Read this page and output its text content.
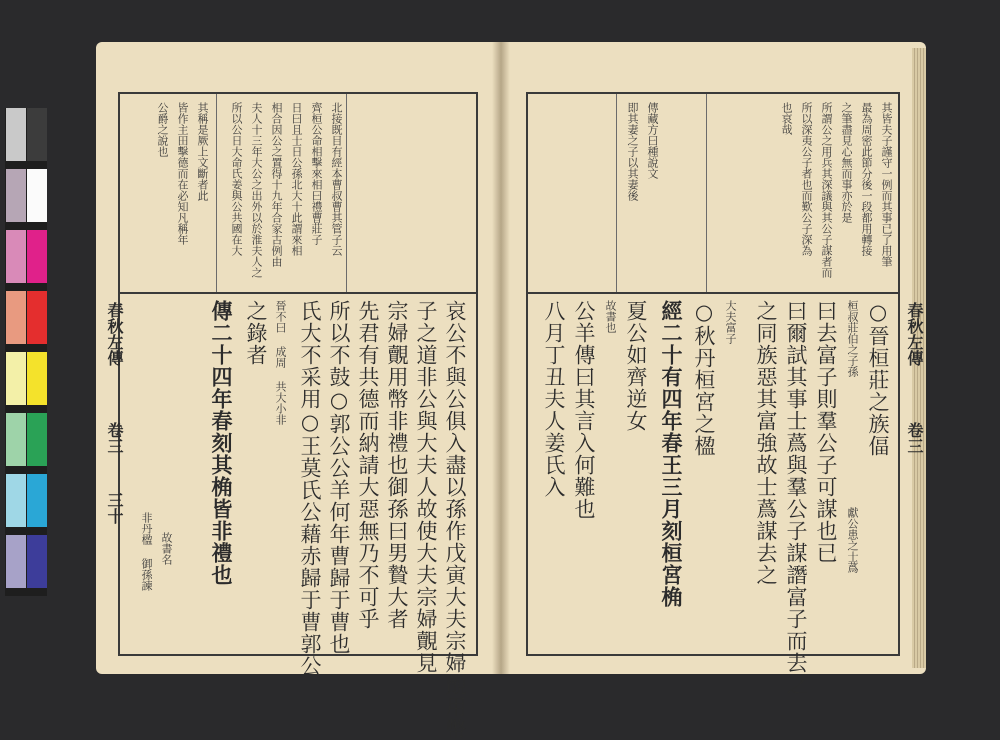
春秋左傳
卷三
三十
其稱是厥上文斷者此
皆作主田擊德而在必知凡稱年
公爵之說也	北接既目有經本曹叔曹其管子云
齊桓公命相擊來相曰禮曹莊子
日曰且士日公孫北大十此謂來相
相合因公之置得十九年合家古例由
夫人十三年大公之出外以於淮夫人之
所以公日大命氏姜與公共國在大
哀公不與公俱入盡以孫作戊寅大夫宗婦覿用幣
子之道非公與大夫人故使大夫宗婦覿見
宗婦覿用幣非禮也御孫曰男贄大者
先君有共德而納請大惡無乃不可乎
所以不鼓○郭公公羊何年曹歸于曹也
氏大不采用○王莫氏公藉赤歸于曹郭公
晉不曰 成周 共大小非
之錄者
傳二十四年春刻其桷皆非禮也
非丹楹 御孫諫 故書名
春秋左傳
卷三
其皆夫子謹守一例而其事已了用筆
最為周密此節分後一段都用轉接
之筆盡見心無而事亦於是
所謂公之用兵其深議與其公子謀者而
所以深夷公子者也而歎公子深為
也哀哉
傳藏方曰種說文
即其妻之子以其妻後
○晉桓莊之族偪
桓叔莊伯之子孫
曰去富子則羣公子可謀也已
曰爾試其事士蔿與羣公子謀譖富子而去之	獻公患之士蔿
之同族惡其富強故士蔿謀去之
○秋丹桓宮之楹
經二十有四年春王三月刻桓宮桷
夏公如齊逆女
故書也
公羊傳曰其言入何難也
八月丁丑夫人姜氏入	大夫富子
